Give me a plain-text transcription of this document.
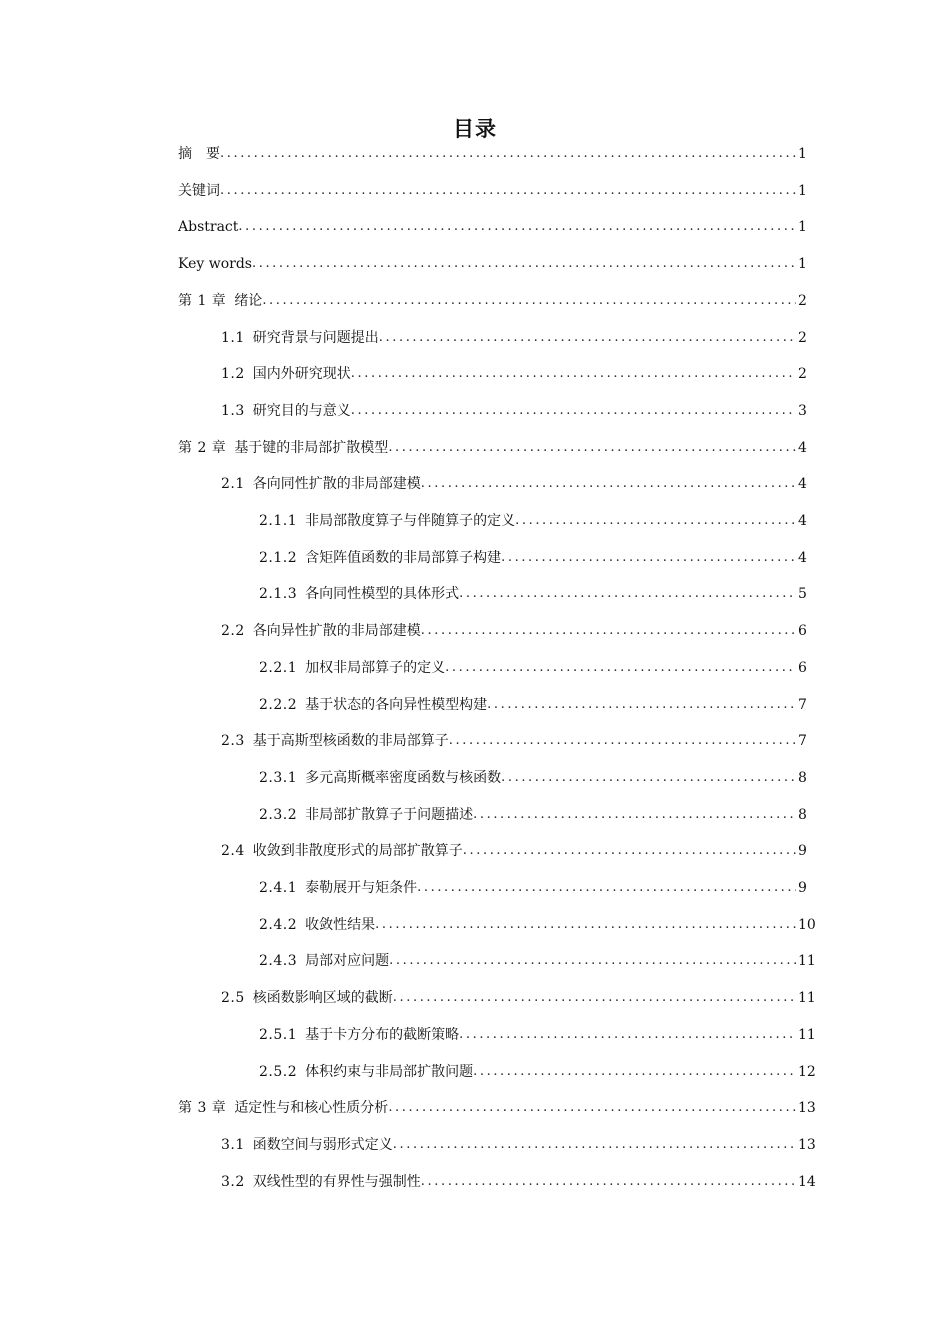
目录
摘　要 .....	1
关键词 .....	1
Abstract .....	1
Key words .....	1
第 1 章 绪论 .....	2
1.1 研究背景与问题提出 .....	2
1.2 国内外研究现状 .....	2
1.3 研究目的与意义 .....	3
第 2 章 基于键的非局部扩散模型 .....	4
2.1 各向同性扩散的非局部建模 .....	4
2.1.1 非局部散度算子与伴随算子的定义 .....	4
2.1.2 含矩阵值函数的非局部算子构建 .....	4
2.1.3 各向同性模型的具体形式 .....	5
2.2 各向异性扩散的非局部建模 .....	6
2.2.1 加权非局部算子的定义 .....	6
2.2.2 基于状态的各向异性模型构建 .....	7
2.3 基于高斯型核函数的非局部算子 .....	7
2.3.1 多元高斯概率密度函数与核函数 .....	8
2.3.2 非局部扩散算子于问题描述 .....	8
2.4 收敛到非散度形式的局部扩散算子 .....	9
2.4.1 泰勒展开与矩条件 .....	9
2.4.2 收敛性结果 .....	10
2.4.3 局部对应问题 .....	11
2.5 核函数影响区域的截断 .....	11
2.5.1 基于卡方分布的截断策略 .....	11
2.5.2 体积约束与非局部扩散问题 .....	12
第 3 章 适定性与和核心性质分析 .....	13
3.1 函数空间与弱形式定义 .....	13
3.2 双线性型的有界性与强制性 .....	14
